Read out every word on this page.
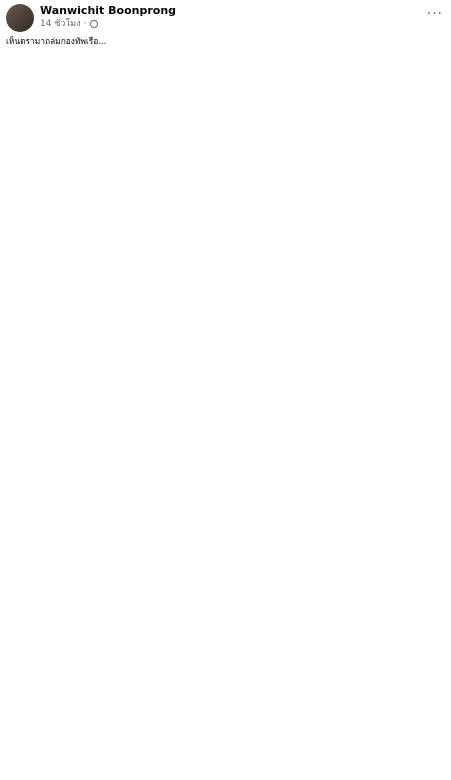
Wanwichit Boonprong
14 ชั่วโมง ·
···
เห็นดรามาถล่มกองทัพเรือ...
